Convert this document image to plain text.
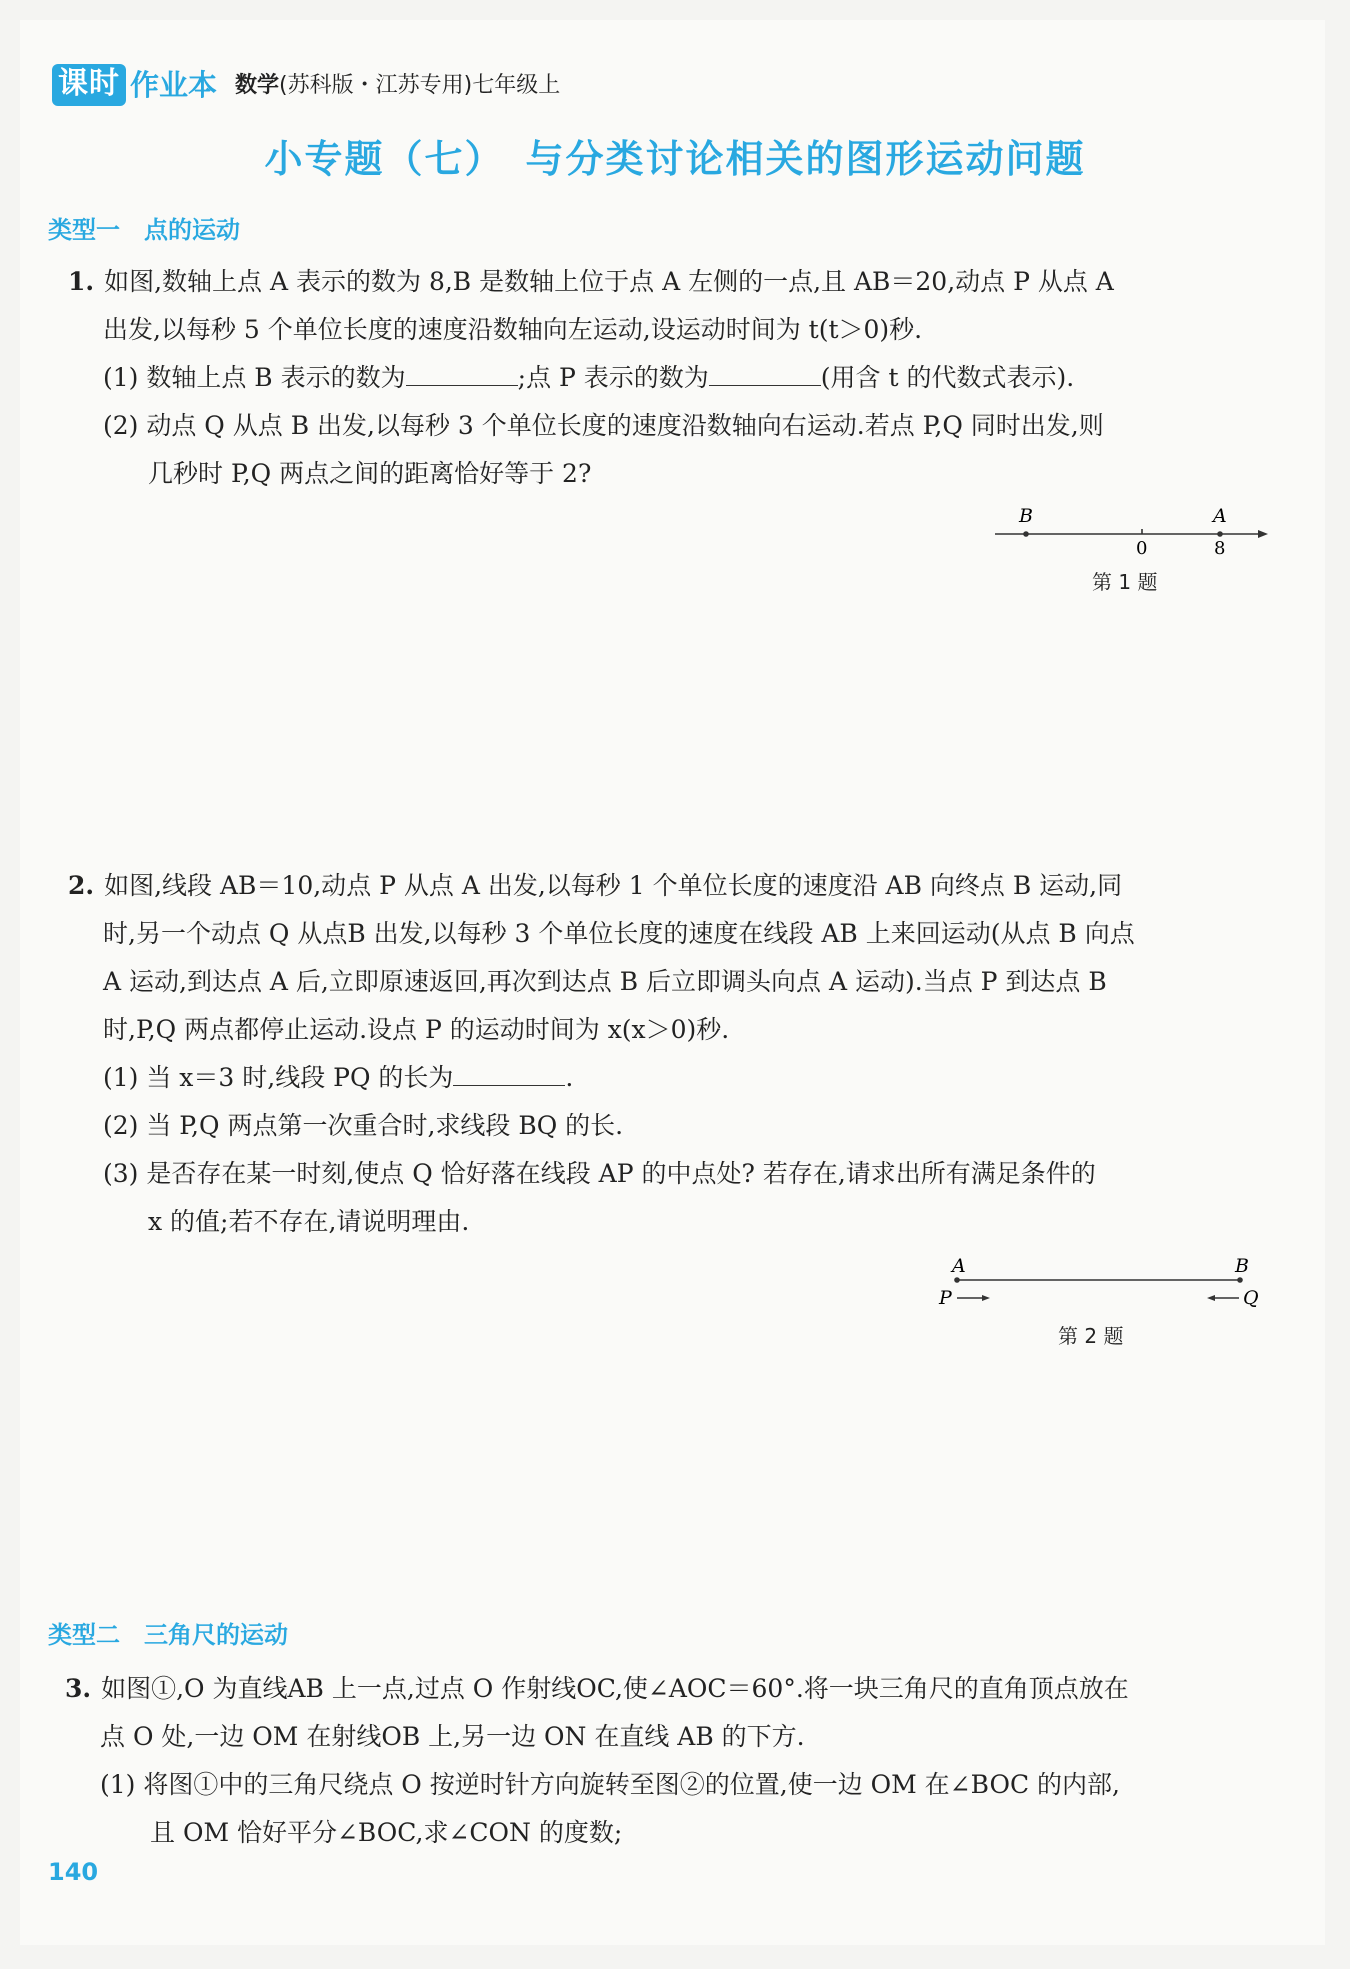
课时 作业本 数学(苏科版・江苏专用)七年级上
小专题（七）　与分类讨论相关的图形运动问题
类型一　点的运动
1. 如图,数轴上点 A 表示的数为 8,B 是数轴上位于点 A 左侧的一点,且 AB＝20,动点 P 从点 A
出发,以每秒 5 个单位长度的速度沿数轴向左运动,设运动时间为 t(t＞0)秒.
(1) 数轴上点 B 表示的数为	;点 P 表示的数为	(用含 t 的代数式表示).
(2) 动点 Q 从点 B 出发,以每秒 3 个单位长度的速度沿数轴向右运动.若点 P,Q 同时出发,则
几秒时 P,Q 两点之间的距离恰好等于 2?
B	A
0	8
第 1 题
2. 如图,线段 AB＝10,动点 P 从点 A 出发,以每秒 1 个单位长度的速度沿 AB 向终点 B 运动,同
时,另一个动点 Q 从点B 出发,以每秒 3 个单位长度的速度在线段 AB 上来回运动(从点 B 向点
A 运动,到达点 A 后,立即原速返回,再次到达点 B 后立即调头向点 A 运动).当点 P 到达点 B
时,P,Q 两点都停止运动.设点 P 的运动时间为 x(x＞0)秒.
(1) 当 x＝3 时,线段 PQ 的长为	.
(2) 当 P,Q 两点第一次重合时,求线段 BQ 的长.
(3) 是否存在某一时刻,使点 Q 恰好落在线段 AP 的中点处? 若存在,请求出所有满足条件的
x 的值;若不存在,请说明理由.
A	B
P	Q
第 2 题
类型二　三角尺的运动
3. 如图①,O 为直线AB 上一点,过点 O 作射线OC,使∠AOC＝60°.将一块三角尺的直角顶点放在
点 O 处,一边 OM 在射线OB 上,另一边 ON 在直线 AB 的下方.
(1) 将图①中的三角尺绕点 O 按逆时针方向旋转至图②的位置,使一边 OM 在∠BOC 的内部,
且 OM 恰好平分∠BOC,求∠CON 的度数;
140
